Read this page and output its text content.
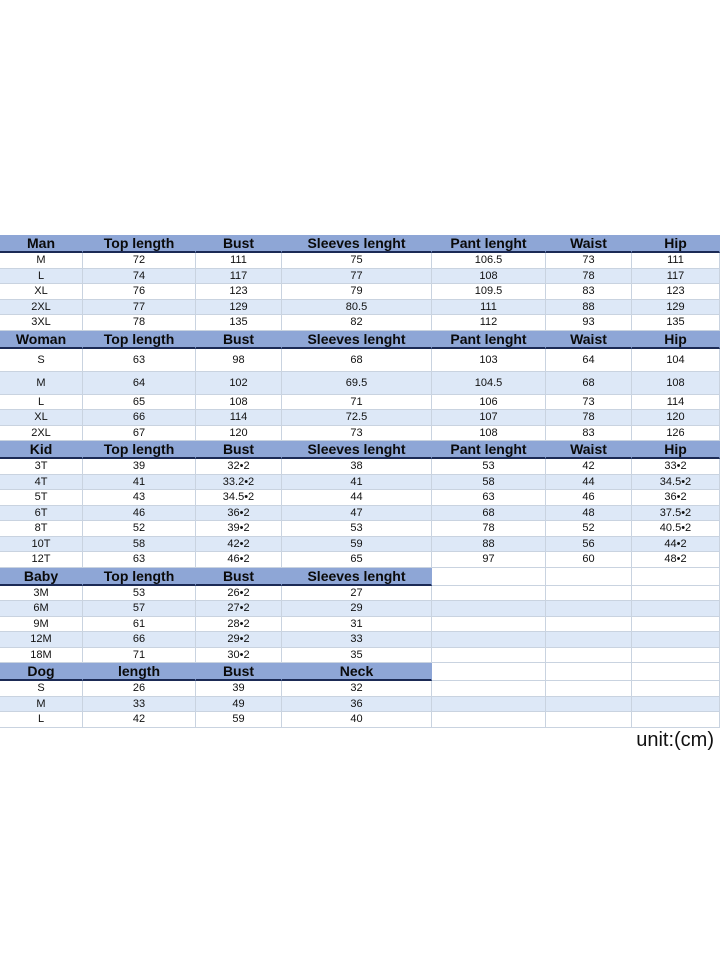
Man	Top length	Bust	Sleeves lenght	Pant lenght	Waist	Hip
M	72	111	75	106.5	73	111
L	74	117	77	108	78	117
XL	76	123	79	109.5	83	123
2XL	77	129	80.5	111	88	129
3XL	78	135	82	112	93	135
Woman	Top length	Bust	Sleeves lenght	Pant lenght	Waist	Hip
S	63	98	68	103	64	104
M	64	102	69.5	104.5	68	108
L	65	108	71	106	73	114
XL	66	114	72.5	107	78	120
2XL	67	120	73	108	83	126
Kid	Top length	Bust	Sleeves lenght	Pant lenght	Waist	Hip
3T	39	32•2	38	53	42	33•2
4T	41	33.2•2	41	58	44	34.5•2
5T	43	34.5•2	44	63	46	36•2
6T	46	36•2	47	68	48	37.5•2
8T	52	39•2	53	78	52	40.5•2
10T	58	42•2	59	88	56	44•2
12T	63	46•2	65	97	60	48•2
Baby	Top length	Bust	Sleeves lenght
3M	53	26•2	27
6M	57	27•2	29
9M	61	28•2	31
12M	66	29•2	33
18M	71	30•2	35
Dog	length	Bust	Neck
S	26	39	32
M	33	49	36
L	42	59	40
unit:(cm)
